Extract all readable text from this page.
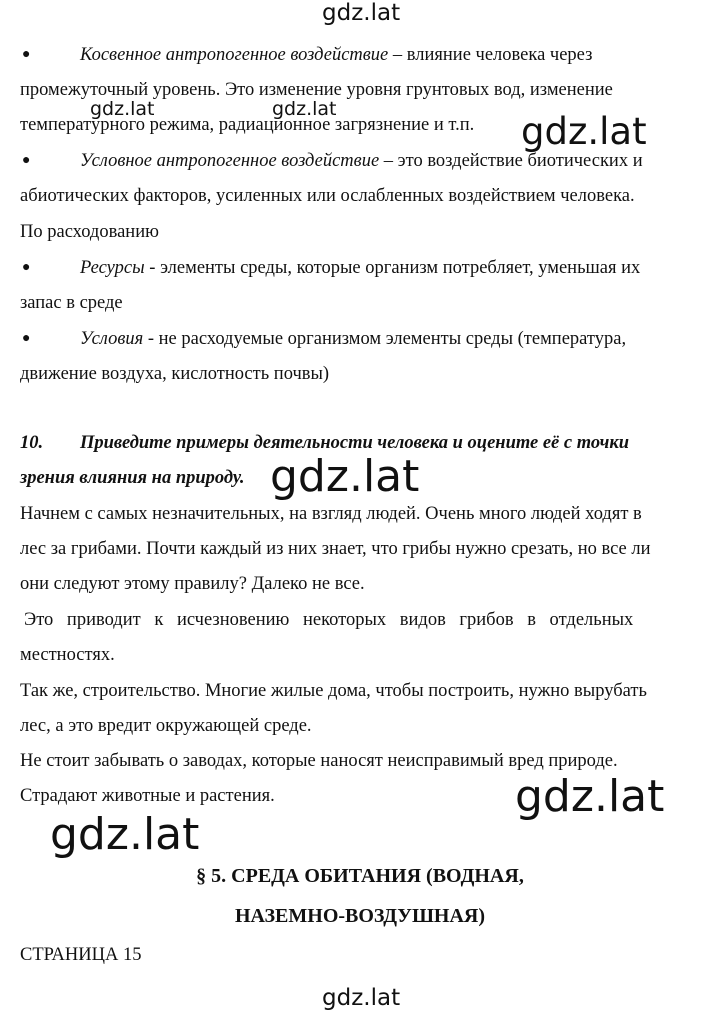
gdz.lat
gdz.lat	gdz.lat
gdz.lat
●	Косвенное антропогенное воздействие – влияние человека через
промежуточный уровень. Это изменение уровня грунтовых вод, изменение
температурного режима, радиационное загрязнение и т.п.
●	Условное антропогенное воздействие – это воздействие биотических и
абиотических факторов, усиленных или ослабленных воздействием человека.
По расходованию
●	Ресурсы - элементы среды, которые организм потребляет, уменьшая их
запас в среде
●	Условия - не расходуемые организмом элементы среды (температура,
движение воздуха, кислотность почвы)
10. Приведите примеры деятельности человека и оцените её с точки
зрения влияния на природу. gdz.lat
Начнем с самых незначительных, на взгляд людей. Очень много людей ходят в
лес за грибами. Почти каждый из них знает, что грибы нужно срезать, но все ли
они следуют этому правилу? Далеко не все.
Это приводит к исчезновению некоторых видов грибов в отдельных
местностях.
Так же, строительство. Многие жилые дома, чтобы построить, нужно вырубать
лес, а это вредит окружающей среде.
Не стоит забывать о заводах, которые наносят неисправимый вред природе.
Страдают животные и растения.	gdz.lat
gdz.lat
§ 5. СРЕДА ОБИТАНИЯ (ВОДНАЯ,
НАЗЕМНО-ВОЗДУШНАЯ)
СТРАНИЦА 15
gdz.lat
